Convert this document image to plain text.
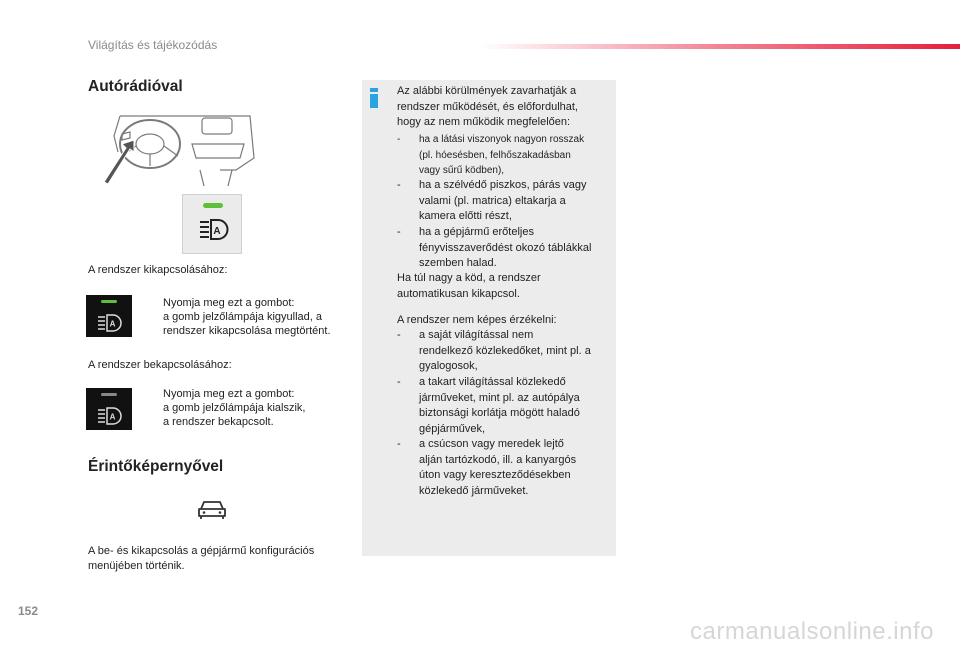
Világítás és tájékozódás
Autórádióval
A
A rendszer kikapcsolásához:
A
Nyomja meg ezt a gombot:
a gomb jelzőlámpája kigyullad, a
rendszer kikapcsolása megtörtént.
A rendszer bekapcsolásához:
A
Nyomja meg ezt a gombot:
a gomb jelzőlámpája kialszik,
a rendszer bekapcsolt.
Érintőképernyővel
A be- és kikapcsolás a gépjármű konfigurációs
menüjében történik.
Az alábbi körülmények zavarhatják a
rendszer működését, és előfordulhat,
hogy az nem működik megfelelően:
- ha a látási viszonyok nagyon rosszak
(pl. hóesésben, felhőszakadásban
vagy sűrű ködben),
- ha a szélvédő piszkos, párás vagy
valami (pl. matrica) eltakarja a
kamera előtti részt,
- ha a gépjármű erőteljes
fényvisszaverődést okozó táblákkal
szemben halad.
Ha túl nagy a köd, a rendszer
automatikusan kikapcsol.
A rendszer nem képes érzékelni:
- a saját világítással nem
rendelkező közlekedőket, mint pl. a
gyalogosok,
- a takart világítással közlekedő
járműveket, mint pl. az autópálya
biztonsági korlátja mögött haladó
gépjárművek,
- a csúcson vagy meredek lejtő
alján tartózkodó, ill. a kanyargós
úton vagy kereszteződésekben
közlekedő járműveket.
152
carmanualsonline.info
